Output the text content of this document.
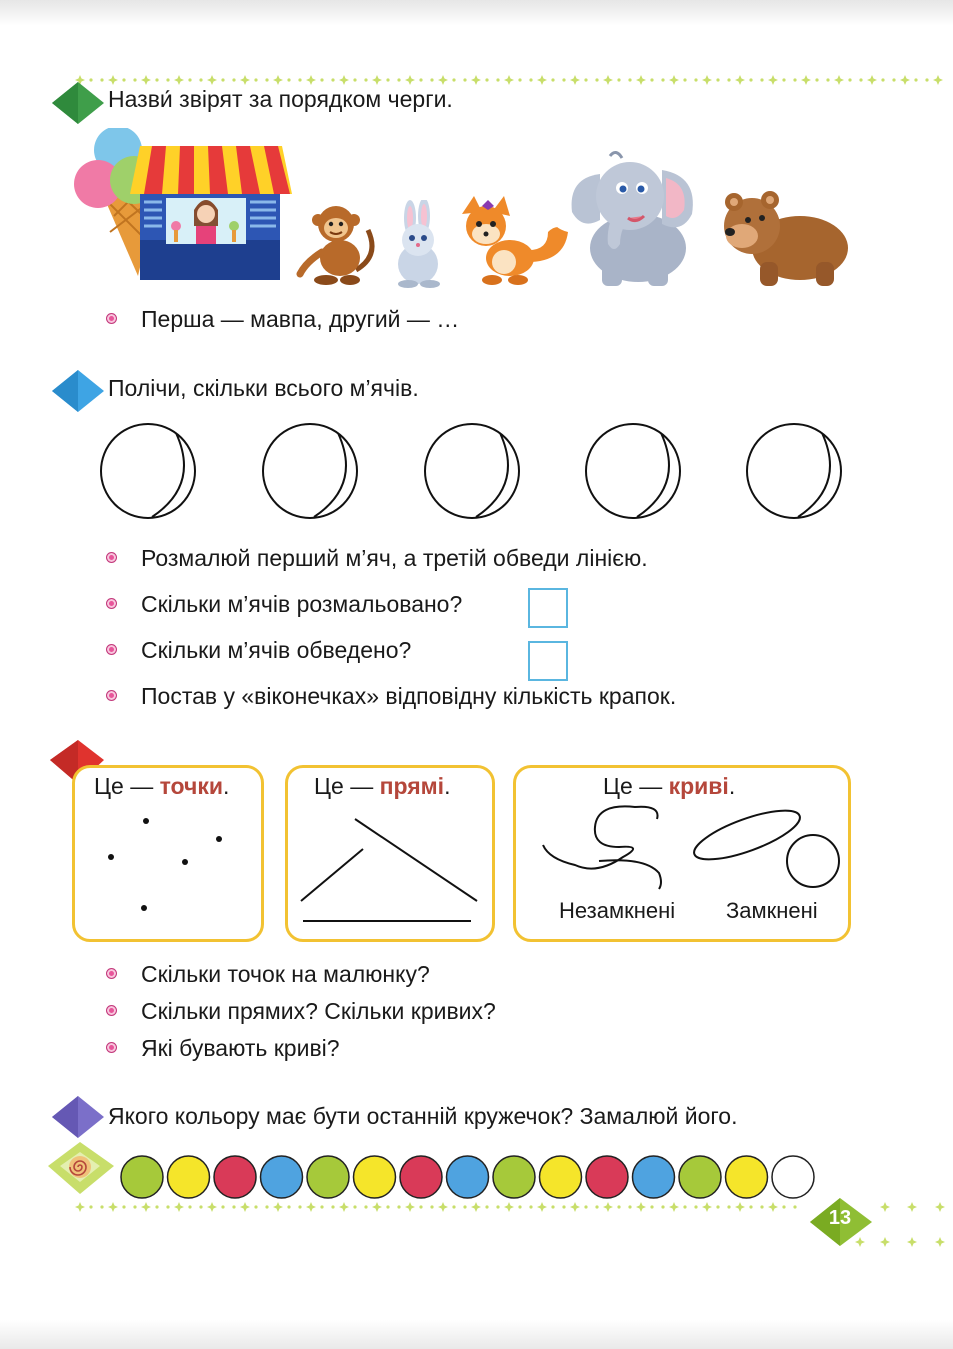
Назви́ звірят за порядком черги.
Перша — мавпа, другий — …
Полічи, скільки всього м’ячів.
Розмалюй перший м’яч, а третій обведи лінією.
Скільки м’ячів розмальовано?
Скільки м’ячів обведено?
Постав у «віконечках» відповідну кількість крапок.
Це — точки.	Це — прямі.	Це — криві.
Незамкнені Замкнені
Скільки точок на малюнку?
Скільки прямих? Скільки кривих?
Які бувають криві?
Якого кольору має бути останній кружечок? Замалюй його.
13
